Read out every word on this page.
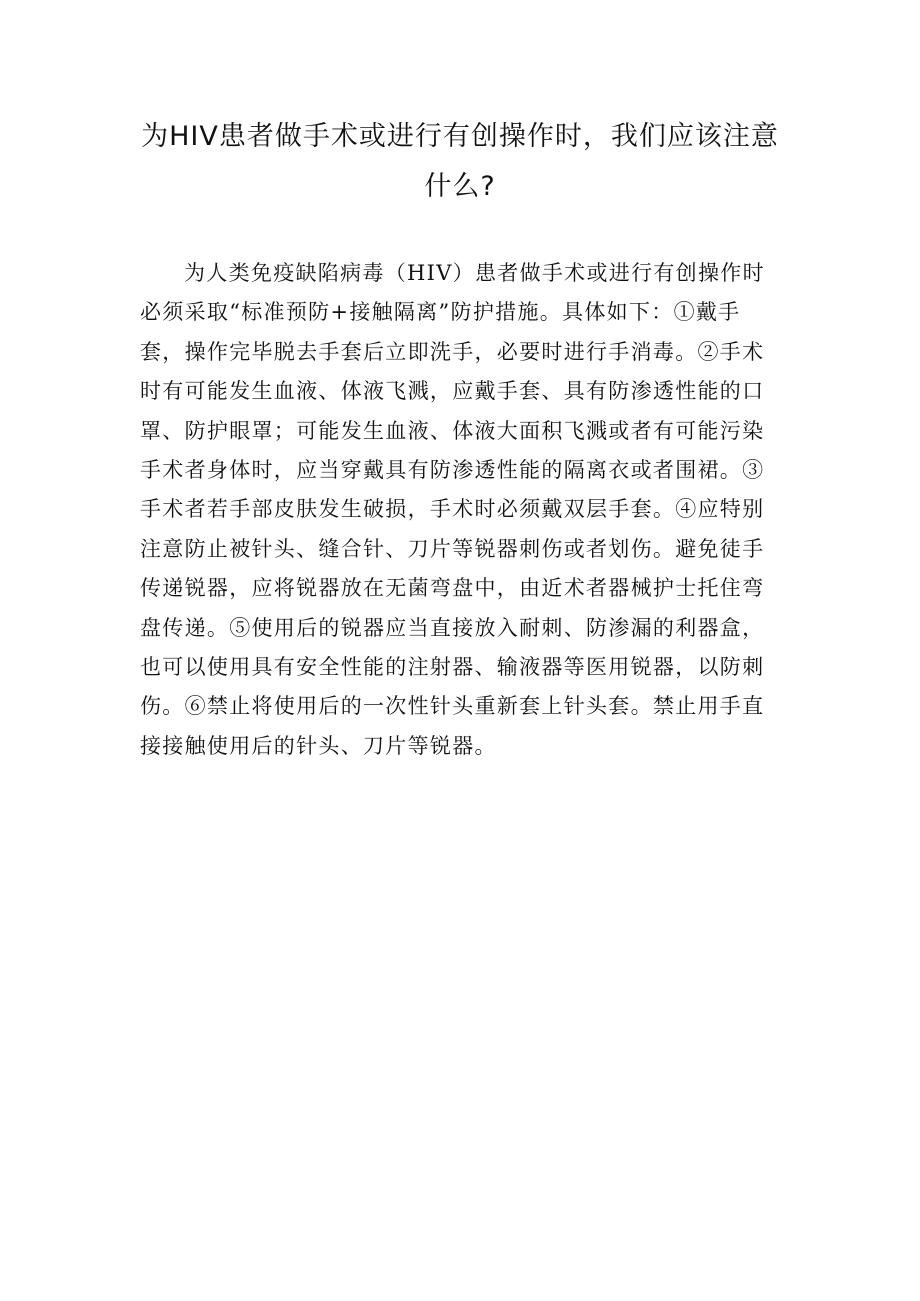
为HIV患者做手术或进行有创操作时，我们应该注意
什么?
为人类免疫缺陷病毒（HIV）患者做手术或进行有创操作时
必须采取“标准预防+接触隔离”防护措施。具体如下：①戴手
套，操作完毕脱去手套后立即洗手，必要时进行手消毒。②手术
时有可能发生血液、体液飞溅，应戴手套、具有防渗透性能的口
罩、防护眼罩；可能发生血液、体液大面积飞溅或者有可能污染
手术者身体时，应当穿戴具有防渗透性能的隔离衣或者围裙。③
手术者若手部皮肤发生破损，手术时必须戴双层手套。④应特别
注意防止被针头、缝合针、刀片等锐器刺伤或者划伤。避免徒手
传递锐器，应将锐器放在无菌弯盘中，由近术者器械护士托住弯
盘传递。⑤使用后的锐器应当直接放入耐刺、防渗漏的利器盒，
也可以使用具有安全性能的注射器、输液器等医用锐器，以防刺
伤。⑥禁止将使用后的一次性针头重新套上针头套。禁止用手直
接接触使用后的针头、刀片等锐器。
